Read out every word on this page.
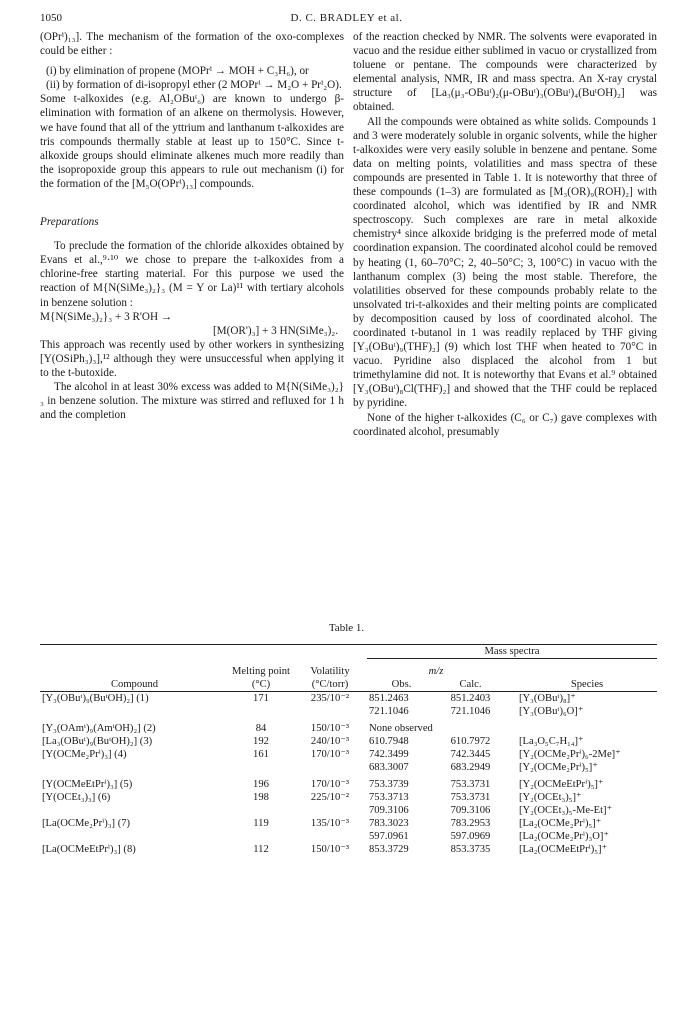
1050	D. C. BRADLEY et al.

(OPrⁱ)₁₃]. The mechanism of the formation of the oxo-complexes could be either :

(i) by elimination of propene (MOPrⁱ → MOH + C₃H₆), or

(ii) by formation of di-isopropyl ether (2 MOPrⁱ → M₂O + Prⁱ₂O).

Some t-alkoxides (e.g. Al₂OBuᵗ₆) are known to undergo β-elimination with formation of an alkene on thermolysis. However, we have found that all of the yttrium and lanthanum t-alkoxides are tris compounds thermally stable at least up to 150°C. Since t-alkoxide groups should eliminate alkenes much more readily than the isopropoxide group this appears to rule out mechanism (i) for the formation of the [M₅O(OPrⁱ)₁₃] compounds.

Preparations

To preclude the formation of the chloride alkoxides obtained by Evans et al.,⁹·¹⁰ we chose to prepare the t-alkoxides from a chlorine-free starting material. For this purpose we used the reaction of M{N(SiMe₃)₂}₃ (M = Y or La)¹¹ with tertiary alcohols in benzene solution :

M{N(SiMe₃)₂}₃ + 3 R'OH →

[M(OR')₃] + 3 HN(SiMe₃)₂.

This approach was recently used by other workers in synthesizing [Y(OSiPh₃)₃],¹² although they were unsuccessful when applying it to the t-butoxide.

The alcohol in at least 30% excess was added to M{N(SiMe₃)₂}₃ in benzene solution. The mixture was stirred and refluxed for 1 h and the completion

of the reaction checked by NMR. The solvents were evaporated in vacuo and the residue either sublimed in vacuo or crystallized from toluene or pentane. The compounds were characterized by elemental analysis, NMR, IR and mass spectra. An X-ray crystal structure of [La₃(μ₃-OBuᵗ)₂(μ-OBuᵗ)₃(OBuᵗ)₄(BuᵗOH)₂] was obtained.

All the compounds were obtained as white solids. Compounds 1 and 3 were moderately soluble in organic solvents, while the higher t-alkoxides were very easily soluble in benzene and pentane. Some data on melting points, volatilities and mass spectra of these compounds are presented in Table 1. It is noteworthy that three of these compounds (1–3) are formulated as [M₃(OR)₉(ROH)₂] with coordinated alcohol, which was identified by IR and NMR spectroscopy. Such complexes are rare in metal alkoxide chemistry⁴ since alkoxide bridging is the preferred mode of metal coordination expansion. The coordinated alcohol could be removed by heating (1, 60–70°C; 2, 40–50°C; 3, 100°C) in vacuo with the lanthanum complex (3) being the most stable. Therefore, the volatilities observed for these compounds probably relate to the unsolvated tri-t-alkoxides and their melting points are complicated by decomposition caused by loss of coordinated alcohol. The coordinated t-butanol in 1 was readily replaced by THF giving [Y₃(OBuᵗ)₉(THF)₂] (9) which lost THF when heated to 70°C in vacuo. Pyridine also displaced the alcohol from 1 but trimethylamine did not. It is noteworthy that Evans et al.⁹ obtained [Y₃(OBuᵗ)₈Cl(THF)₂] and showed that the THF could be replaced by pyridine.

None of the higher t-alkoxides (C₆ or C₇) gave complexes with coordinated alcohol, presumably

Table 1.
			Mass spectra		

	Melting point	Volatility	m/z		
Compound	(°C)	(°C/torr)	Obs.	Calc.	Species

[Y₃(OBuᵗ)₉(BuᵗOH)₂] (1)	171	235/10⁻²	851.2463	851.2403	[Y₃(OBuᵗ)₈]⁺
			721.1046	721.1046	[Y₃(OBuᵗ)₆O]⁺

[Y₃(OAmᵗ)₉(AmᵗOH)₂] (2)	84	150/10⁻³	None observed		
[La₃(OBuᵗ)₉(BuᵗOH)₂] (3)	192	240/10⁻³	610.7948	610.7972	[La₃O₅C₇H₁₄]⁺
[Y(OCMe₂Prⁱ)₃] (4)	161	170/10⁻³	742.3499	742.3445	[Y₂(OCMe₂Prⁱ)₆-2Me]⁺
			683.3007	683.2949	[Y₂(OCMe₂Prⁱ)₅]⁺

[Y(OCMeEtPrⁱ)₃] (5)	196	170/10⁻³	753.3739	753.3731	[Y₂(OCMeEtPrⁱ)₅]⁺
[Y(OCEt₃)₃] (6)	198	225/10⁻²	753.3713	753.3731	[Y₂(OCEt₃)₅]⁺
			709.3106	709.3106	[Y₂(OCEt₃)₅-Me-Et]⁺
[La(OCMe₂Prⁱ)₃] (7)	119	135/10⁻³	783.3023	783.2953	[La₂(OCMe₂Prⁱ)₅]⁺
			597.0961	597.0969	[La₂(OCMe₂Prⁱ)₃O]⁺
[La(OCMeEtPrⁱ)₃] (8)	112	150/10⁻³	853.3729	853.3735	[La₂(OCMeEtPrⁱ)₅]⁺
